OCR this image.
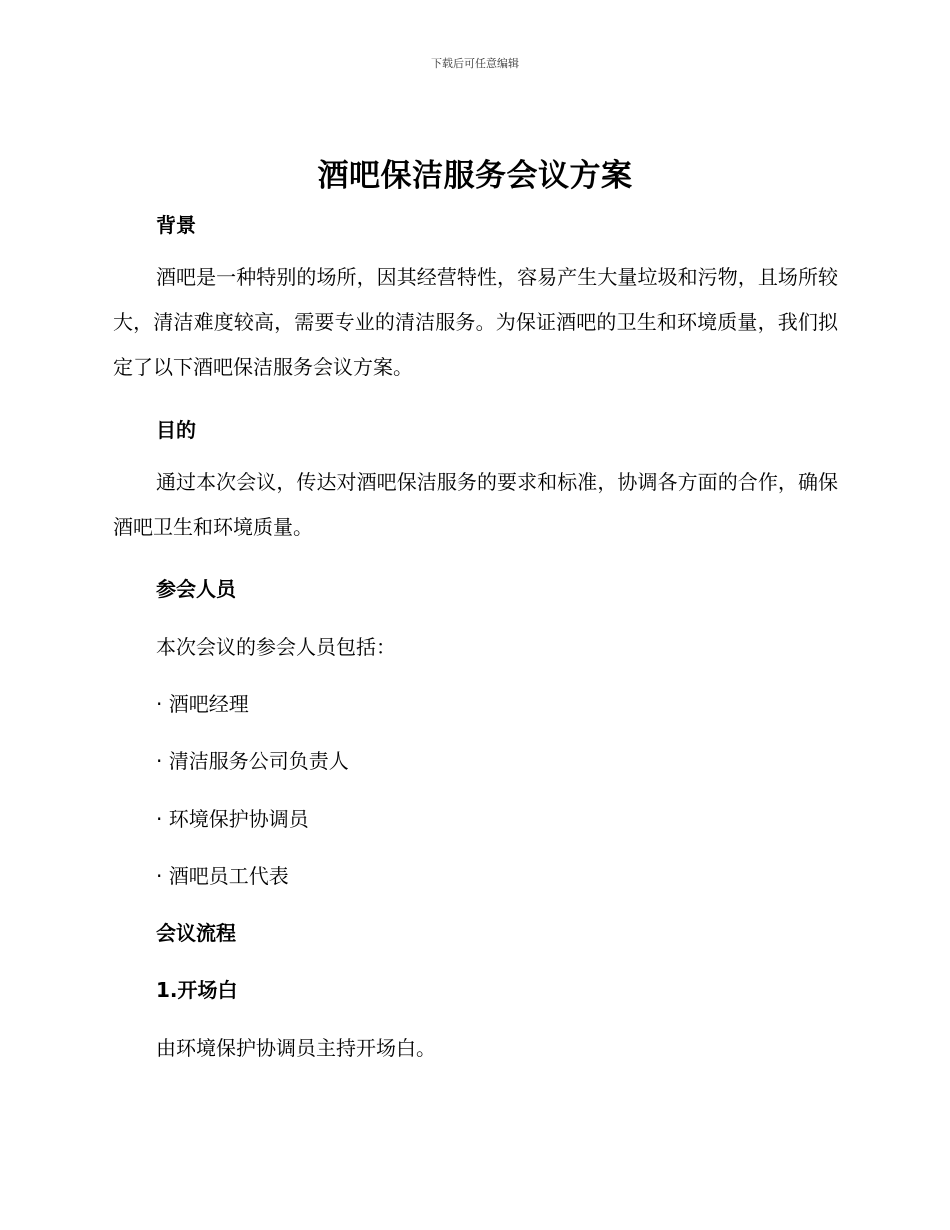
下载后可任意编辑
酒吧保洁服务会议方案
背景

酒吧是一种特别的场所，因其经营特性，容易产生大量垃圾和污物，且场所较大，清洁难度较高，需要专业的清洁服务。为保证酒吧的卫生和环境质量，我们拟定了以下酒吧保洁服务会议方案。

目的

通过本次会议，传达对酒吧保洁服务的要求和标准，协调各方面的合作，确保酒吧卫生和环境质量。

参会人员
本次会议的参会人员包括：
· 酒吧经理
· 清洁服务公司负责人
· 环境保护协调员
· 酒吧员工代表
会议流程
1.开场白
由环境保护协调员主持开场白。
